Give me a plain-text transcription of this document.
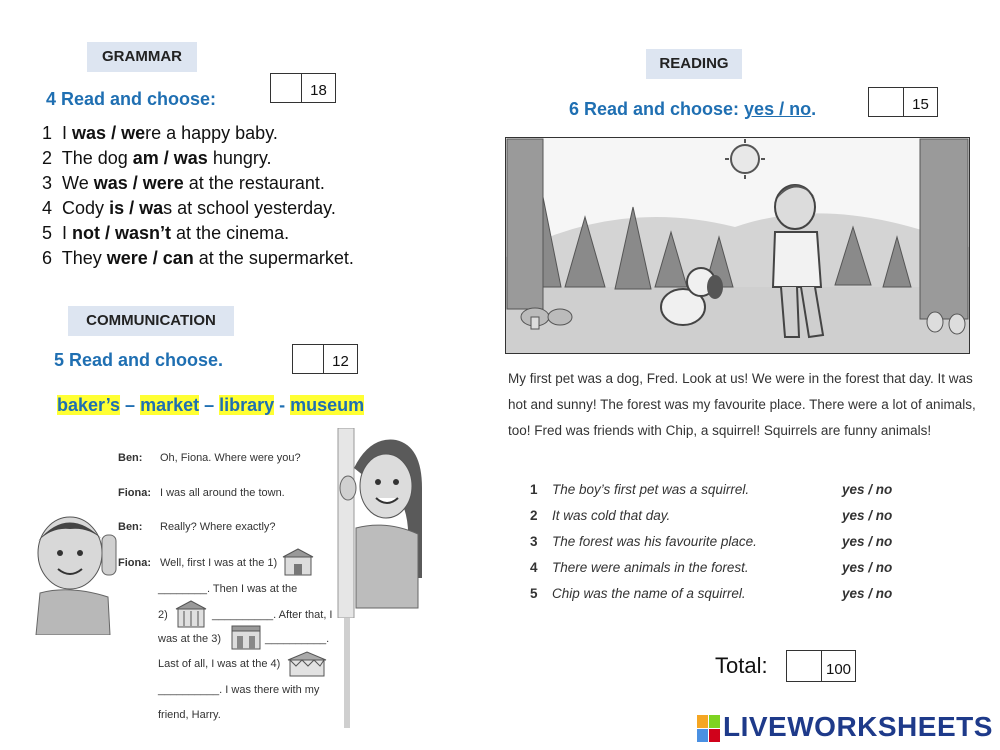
GRAMMAR
4 Read and choose:	18
1 I was / were a happy baby.
2 The dog am / was hungry.
3 We was / were at the restaurant.
4 Cody is / was at school yesterday.
5 I not / wasn’t at the cinema.
6 They were / can at the supermarket.
COMMUNICATION
5 Read and choose.	12
baker’s – market – library - museum
Ben: Oh, Fiona. Where were you?
Fiona: I was all around the town.
Ben: Really? Where exactly?
Fiona: Well, first I was at the 1)
________. Then I was at the
2)	__________. After that, I
was at the 3)	__________.
Last of all, I was at the 4)
__________. I was there with my
friend, Harry.
READING
6 Read and choose: yes / no.	15
My first pet was a dog, Fred. Look at us! We were in the forest that day. It was hot and sunny! The forest was my favourite place. There were a lot of animals, too! Fred was friends with Chip, a squirrel! Squirrels are funny animals!
1	The boy’s first pet was a squirrel.	yes / no
2	It was cold that day.	yes / no
3	The forest was his favourite place.	yes / no
4	There were animals in the forest.	yes / no
5	Chip was the name of a squirrel.	yes / no
Total:	100
LIVEWORKSHEETS
